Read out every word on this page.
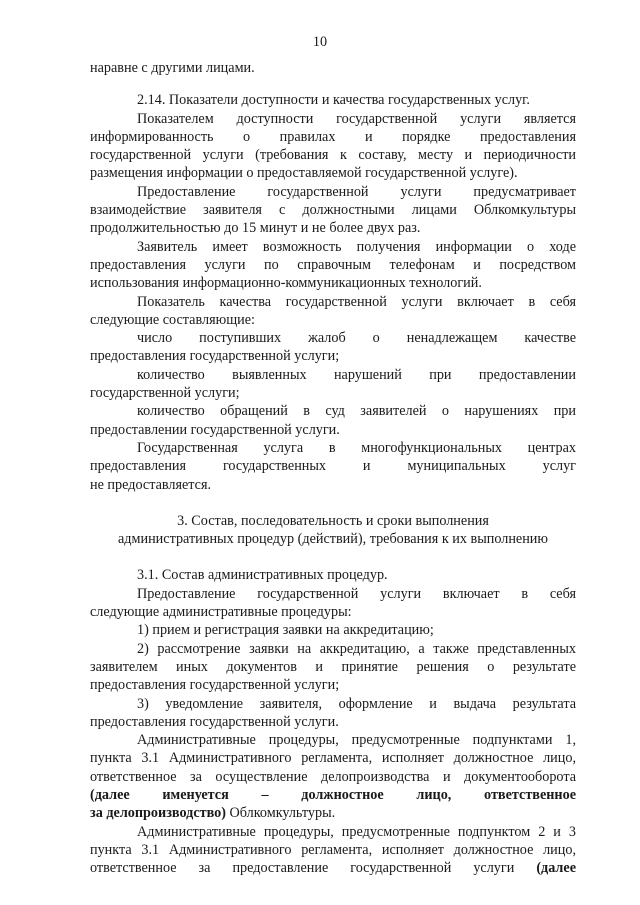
10

наравне с другими лицами.

2.14. Показатели доступности и качества государственных услуг.

Показателем доступности государственной услуги является

информированность о правилах и порядке предоставления

государственной услуги (требования к составу, месту и периодичности

размещения информации о предоставляемой государственной услуге).

Предоставление государственной услуги предусматривает

взаимодействие заявителя с должностными лицами Облкомкультуры

продолжительностью до 15 минут и не более двух раз.

Заявитель имеет возможность получения информации о ходе

предоставления услуги по справочным телефонам и посредством

использования информационно-коммуникационных технологий.

Показатель качества государственной услуги включает в себя

следующие составляющие:

число поступивших жалоб о ненадлежащем качестве

предоставления государственной услуги;

количество выявленных нарушений при предоставлении

государственной услуги;

количество обращений в суд заявителей о нарушениях при

предоставлении государственной услуги.

Государственная услуга в многофункциональных центрах

предоставления государственных и муниципальных услуг

не предоставляется.

3. Состав, последовательность и сроки выполнения

административных процедур (действий), требования к их выполнению

3.1. Состав административных процедур.

Предоставление государственной услуги включает в себя

следующие административные процедуры:

1) прием и регистрация заявки на аккредитацию;

2) рассмотрение заявки на аккредитацию, а также представленных

заявителем иных документов и принятие решения о результате

предоставления государственной услуги;

3) уведомление заявителя, оформление и выдача результата

предоставления государственной услуги.

Административные процедуры, предусмотренные подпунктами 1,

пункта 3.1 Административного регламента, исполняет должностное лицо,

ответственное за осуществление делопроизводства и документооборота

(далее именуется – должностное лицо, ответственное

за делопроизводство) Облкомкультуры.

Административные процедуры, предусмотренные подпунктом 2 и 3

пункта 3.1 Административного регламента, исполняет должностное лицо,

ответственное за предоставление государственной услуги (далее
